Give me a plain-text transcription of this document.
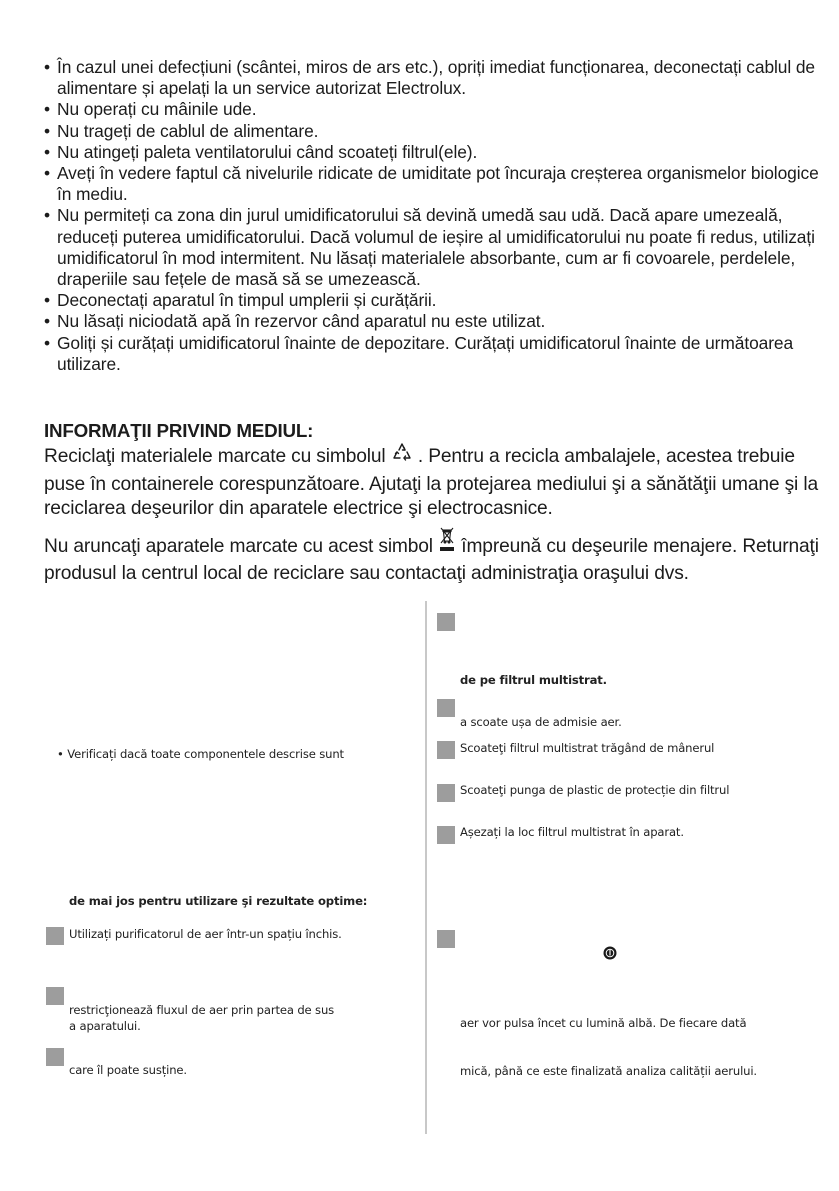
• În cazul unei defecțiuni (scântei, miros de ars etc.), opriți imediat funcționarea, deconectați cablul de alimentare și apelați la un service autorizat Electrolux.
• Nu operați cu mâinile ude.
• Nu trageți de cablul de alimentare.
• Nu atingeți paleta ventilatorului când scoateți filtrul(ele).
• Aveți în vedere faptul că nivelurile ridicate de umiditate pot încuraja creșterea organismelor biologice în mediu.
• Nu permiteți ca zona din jurul umidificatorului să devină umedă sau udă. Dacă apare umezeală, reduceți puterea umidificatorului. Dacă volumul de ieșire al umidificatorului nu poate fi redus, utilizați umidificatorul în mod intermitent. Nu lăsați materialele absorbante, cum ar fi covoarele, perdelele, draperiile sau fețele de masă să se umezească.
• Deconectați aparatul în timpul umplerii și curățării.
• Nu lăsați niciodată apă în rezervor când aparatul nu este utilizat.
• Goliți și curățați umidificatorul înainte de depozitare. Curățați umidificatorul înainte de următoarea utilizare.
INFORMAŢII PRIVIND MEDIUL:
Reciclaţi materialele marcate cu simbolul  . Pentru a recicla ambalajele, acestea trebuie puse în containerele corespunzătoare. Ajutaţi la protejarea mediului şi a sănătăţii umane şi la reciclarea deşeurilor din aparatele electrice şi electrocasnice.
Nu aruncaţi aparatele marcate cu acest simbol  împreună cu deşeurile menajere. Returnaţi produsul la centrul local de reciclare sau contactaţi administraţia oraşului dvs.
• Verificați dacă toate componentele descrise sunt
de mai jos pentru utilizare şi rezultate optime:
Utilizați purificatorul de aer într-un spațiu închis.
restricţionează fluxul de aer prin partea de sus
a aparatului.
care îl poate susține.
de pe filtrul multistrat.
a scoate ușa de admisie aer.
Scoateţi filtrul multistrat trăgând de mânerul
Scoateţi punga de plastic de protecție din filtrul
Așezați la loc filtrul multistrat în aparat.
aer vor pulsa încet cu lumină albă. De fiecare dată
mică, până ce este finalizată analiza calității aerului.
